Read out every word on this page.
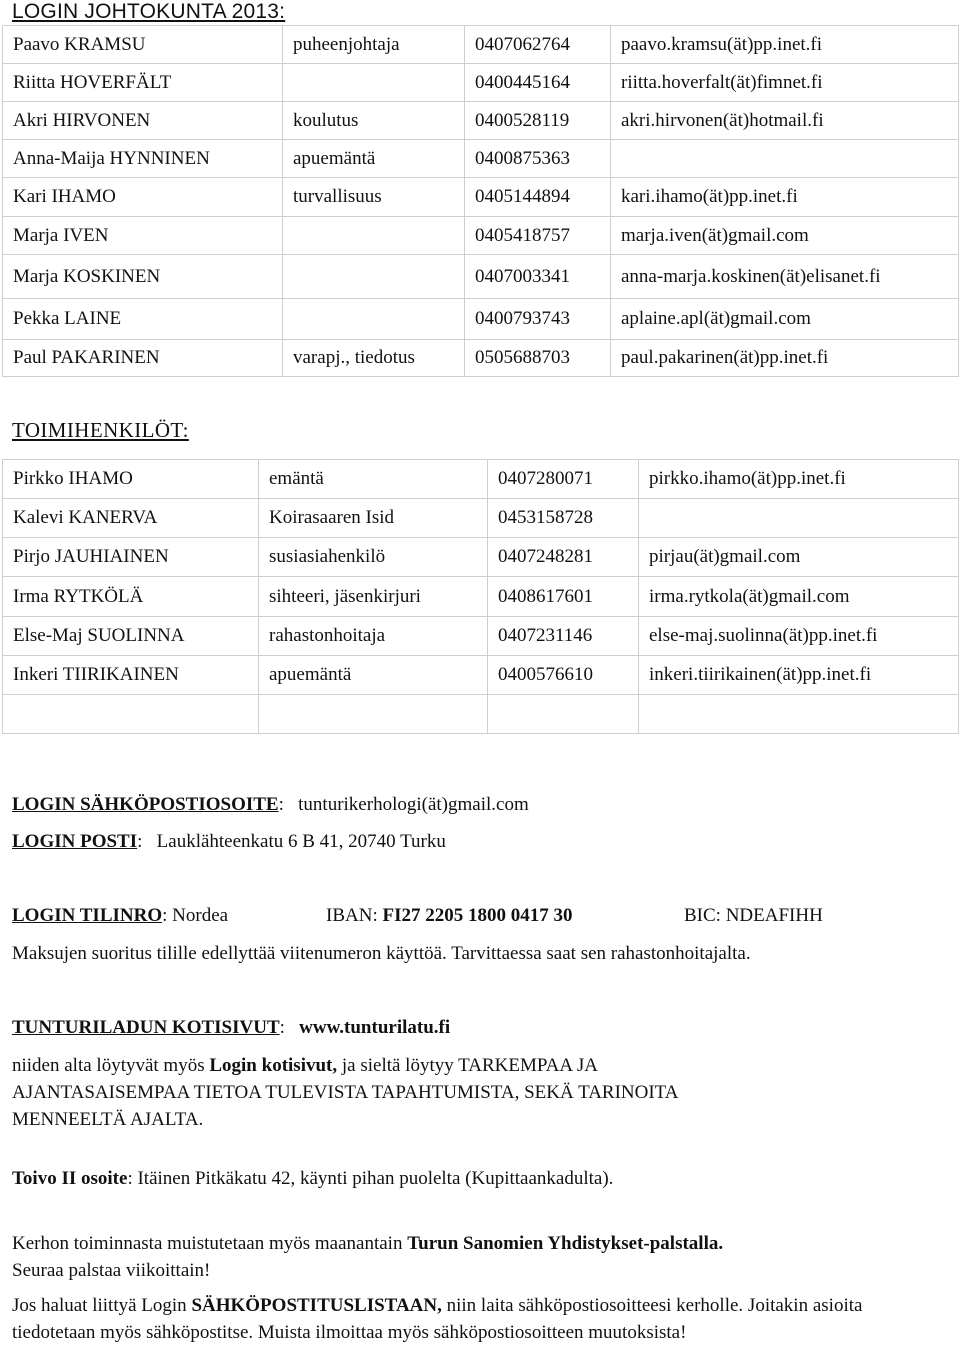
LOGIN JOHTOKUNTA 2013:
Paavo KRAMSU	puheenjohtaja	0407062764	paavo.kramsu(ät)pp.inet.fi
Riitta HOVERFÄLT		0400445164	riitta.hoverfalt(ät)fimnet.fi
Akri HIRVONEN	koulutus	0400528119	akri.hirvonen(ät)hotmail.fi
Anna-Maija HYNNINEN	apuemäntä	0400875363	
Kari IHAMO	turvallisuus	0405144894	kari.ihamo(ät)pp.inet.fi
Marja IVEN		0405418757	marja.iven(ät)gmail.com
Marja KOSKINEN		0407003341	anna-marja.koskinen(ät)elisanet.fi
Pekka LAINE		0400793743	aplaine.apl(ät)gmail.com
Paul PAKARINEN	varapj., tiedotus	0505688703	paul.pakarinen(ät)pp.inet.fi
TOIMIHENKILÖT:
Pirkko IHAMO	emäntä	0407280071	pirkko.ihamo(ät)pp.inet.fi
Kalevi KANERVA	Koirasaaren Isid	0453158728	
Pirjo JAUHIAINEN	susiasiahenkilö	0407248281	pirjau(ät)gmail.com
Irma RYTKÖLÄ	sihteeri, jäsenkirjuri	0408617601	irma.rytkola(ät)gmail.com
Else-Maj SUOLINNA	rahastonhoitaja	0407231146	else-maj.suolinna(ät)pp.inet.fi
Inkeri TIIRIKAINEN	apuemäntä	0400576610	inkeri.tiirikainen(ät)pp.inet.fi

LOGIN SÄHKÖPOSTIOSOITE:   tunturikerhologi(ät)gmail.com
LOGIN POSTI:   Lauklähteenkatu 6 B 41, 20740 Turku
LOGIN TILINRO: Nordea	IBAN: FI27 2205 1800 0417 30	BIC: NDEAFIHH
Maksujen suoritus tilille edellyttää viitenumeron käyttöä. Tarvittaessa saat sen rahastonhoitajalta.
TUNTURILADUN KOTISIVUT:   www.tunturilatu.fi
niiden alta löytyvät myös Login kotisivut, ja sieltä löytyy TARKEMPAA JA AJANTASAISEMPAA TIETOA TULEVISTA TAPAHTUMISTA, SEKÄ TARINOITA MENNEELTÄ AJALTA.
Toivo II osoite: Itäinen Pitkäkatu 42, käynti pihan puolelta (Kupittaankadulta).
Kerhon toiminnasta muistutetaan myös maanantain Turun Sanomien Yhdistykset-palstalla.
Seuraa palstaa viikoittain!
Jos haluat liittyä Login SÄHKÖPOSTITUSLISTAAN, niin laita sähköpostiosoitteesi kerholle. Joitakin asioita tiedotetaan myös sähköpostitse. Muista ilmoittaa myös sähköpostiosoitteen muutoksista!
